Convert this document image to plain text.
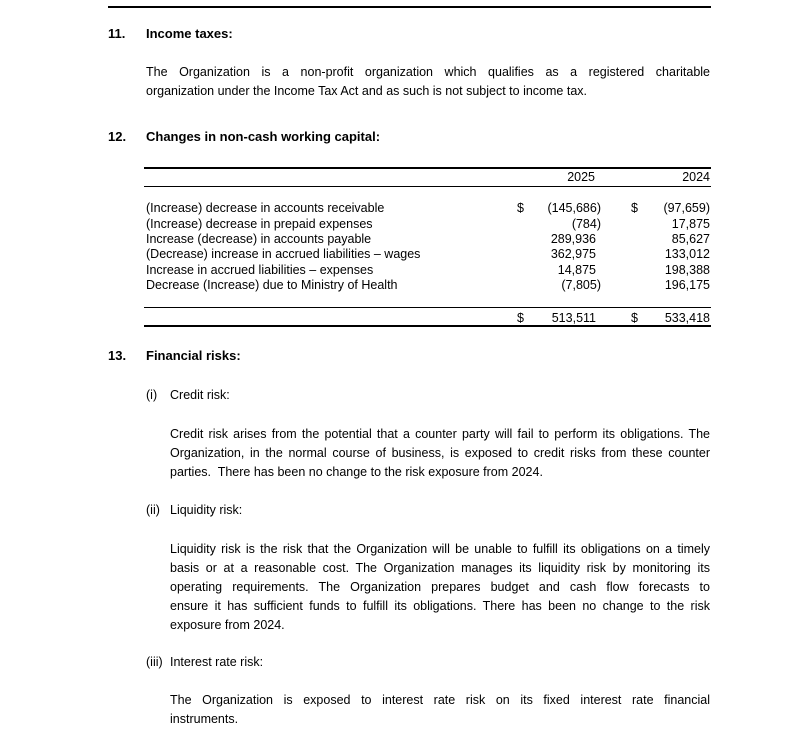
11. Income taxes:
The Organization is a non-profit organization which qualifies as a registered charitable
organization under the Income Tax Act and as such is not subject to income tax.
12. Changes in non-cash working capital:
2025	2024
(Increase) decrease in accounts receivable	$	(145,686) $	(97,659)
(Increase) decrease in prepaid expenses	(784)	17,875
Increase (decrease) in accounts payable	289,936	85,627
(Decrease) increase in accrued liabilities – wages	362,975	133,012
Increase in accrued liabilities – expenses	14,875	198,388
Decrease (Increase) due to Ministry of Health	(7,805)	196,175
$	513,511	$	533,418
13. Financial risks:
(i) Credit risk:
Credit risk arises from the potential that a counter party will fail to perform its obligations. The
Organization, in the normal course of business, is exposed to credit risks from these counter
parties.  There has been no change to the risk exposure from 2024.
(ii) Liquidity risk:
Liquidity risk is the risk that the Organization will be unable to fulfill its obligations on a timely
basis or at a reasonable cost. The Organization manages its liquidity risk by monitoring its
operating requirements. The Organization prepares budget and cash flow forecasts to
ensure it has sufficient funds to fulfill its obligations. There has been no change to the risk
exposure from 2024.
(iii) Interest rate risk:
The Organization is exposed to interest rate risk on its fixed interest rate financial
instruments.
